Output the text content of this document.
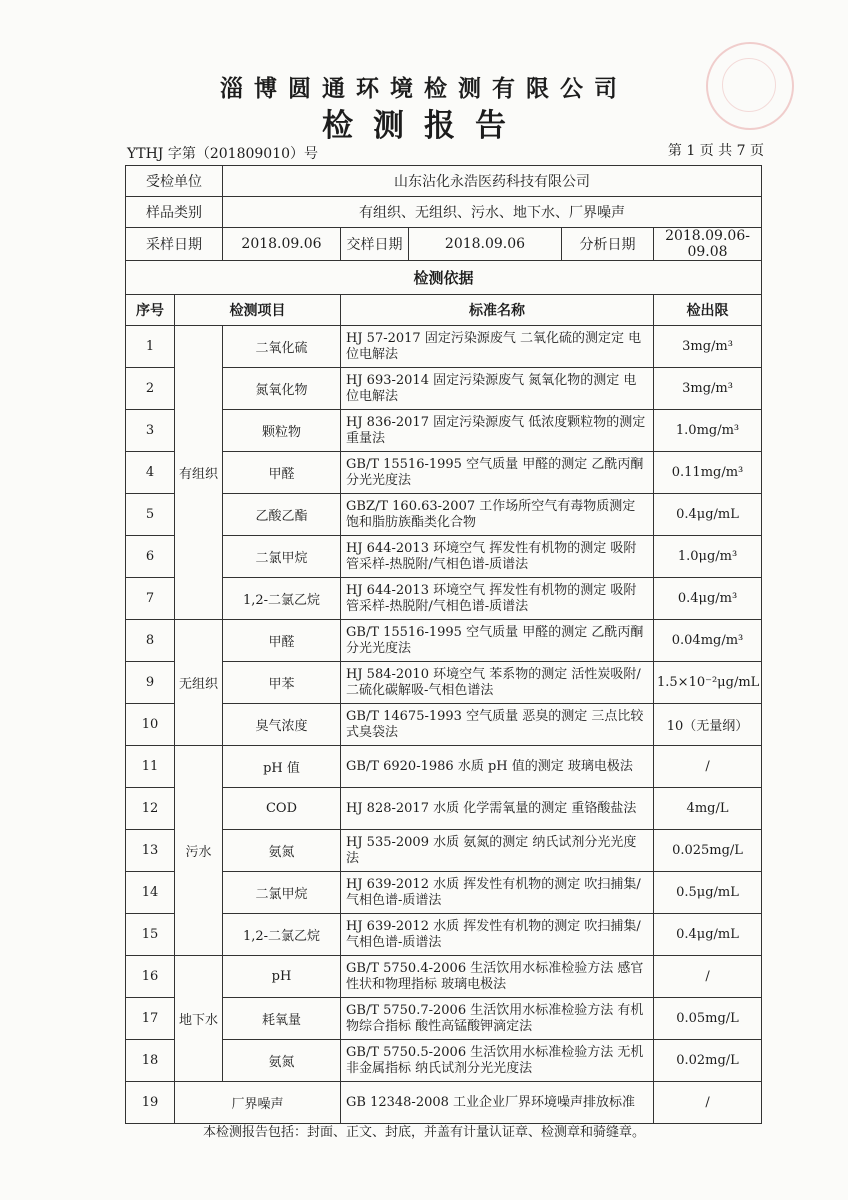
淄博圆通环境检测有限公司
检测报告
YTHJ 字第（201809010）号	第 1 页 共 7 页
受检单位		山东沾化永浩医药科技有限公司				
样品类别		有组织、无组织、污水、地下水、厂界噪声				
采样日期		2018.09.06	交样日期	2018.09.06	分析日期	2018.09.06-09.08
检测依据						
序号	检测项目		标准名称			检出限
1	有组织	二氧化硫	HJ 57-2017 固定污染源废气 二氧化硫的测定定 电位电解法			3mg/m³
2		氮氧化物	HJ 693-2014 固定污染源废气 氮氧化物的测定 电位电解法			3mg/m³
3		颗粒物	HJ 836-2017 固定污染源废气 低浓度颗粒物的测定 重量法			1.0mg/m³
4		甲醛	GB/T 15516-1995 空气质量 甲醛的测定 乙酰丙酮分光光度法			0.11mg/m³
5		乙酸乙酯	GBZ/T 160.63-2007 工作场所空气有毒物质测定 饱和脂肪族酯类化合物			0.4μg/mL
6		二氯甲烷	HJ 644-2013 环境空气 挥发性有机物的测定 吸附管采样-热脱附/气相色谱-质谱法			1.0μg/m³
7		1,2-二氯乙烷	HJ 644-2013 环境空气 挥发性有机物的测定 吸附管采样-热脱附/气相色谱-质谱法			0.4μg/m³
8	无组织	甲醛	GB/T 15516-1995 空气质量 甲醛的测定 乙酰丙酮分光光度法			0.04mg/m³
9		甲苯	HJ 584-2010 环境空气 苯系物的测定 活性炭吸附/二硫化碳解吸-气相色谱法			1.5×10⁻²μg/mL
10		臭气浓度	GB/T 14675-1993 空气质量 恶臭的测定 三点比较式臭袋法			10（无量纲）
11	污水	pH 值	GB/T 6920-1986 水质 pH 值的测定 玻璃电极法			/
12		COD	HJ 828-2017 水质 化学需氧量的测定 重铬酸盐法			4mg/L
13		氨氮	HJ 535-2009 水质 氨氮的测定 纳氏试剂分光光度法			0.025mg/L
14		二氯甲烷	HJ 639-2012 水质 挥发性有机物的测定 吹扫捕集/气相色谱-质谱法			0.5μg/mL
15		1,2-二氯乙烷	HJ 639-2012 水质 挥发性有机物的测定 吹扫捕集/气相色谱-质谱法			0.4μg/mL
16	地下水	pH	GB/T 5750.4-2006 生活饮用水标准检验方法 感官性状和物理指标 玻璃电极法			/
17		耗氧量	GB/T 5750.7-2006 生活饮用水标准检验方法 有机物综合指标 酸性高锰酸钾滴定法			0.05mg/L
18		氨氮	GB/T 5750.5-2006 生活饮用水标准检验方法 无机非金属指标 纳氏试剂分光光度法			0.02mg/L
19	厂界噪声		GB 12348-2008 工业企业厂界环境噪声排放标准			/
本检测报告包括：封面、正文、封底，并盖有计量认证章、检测章和骑缝章。
